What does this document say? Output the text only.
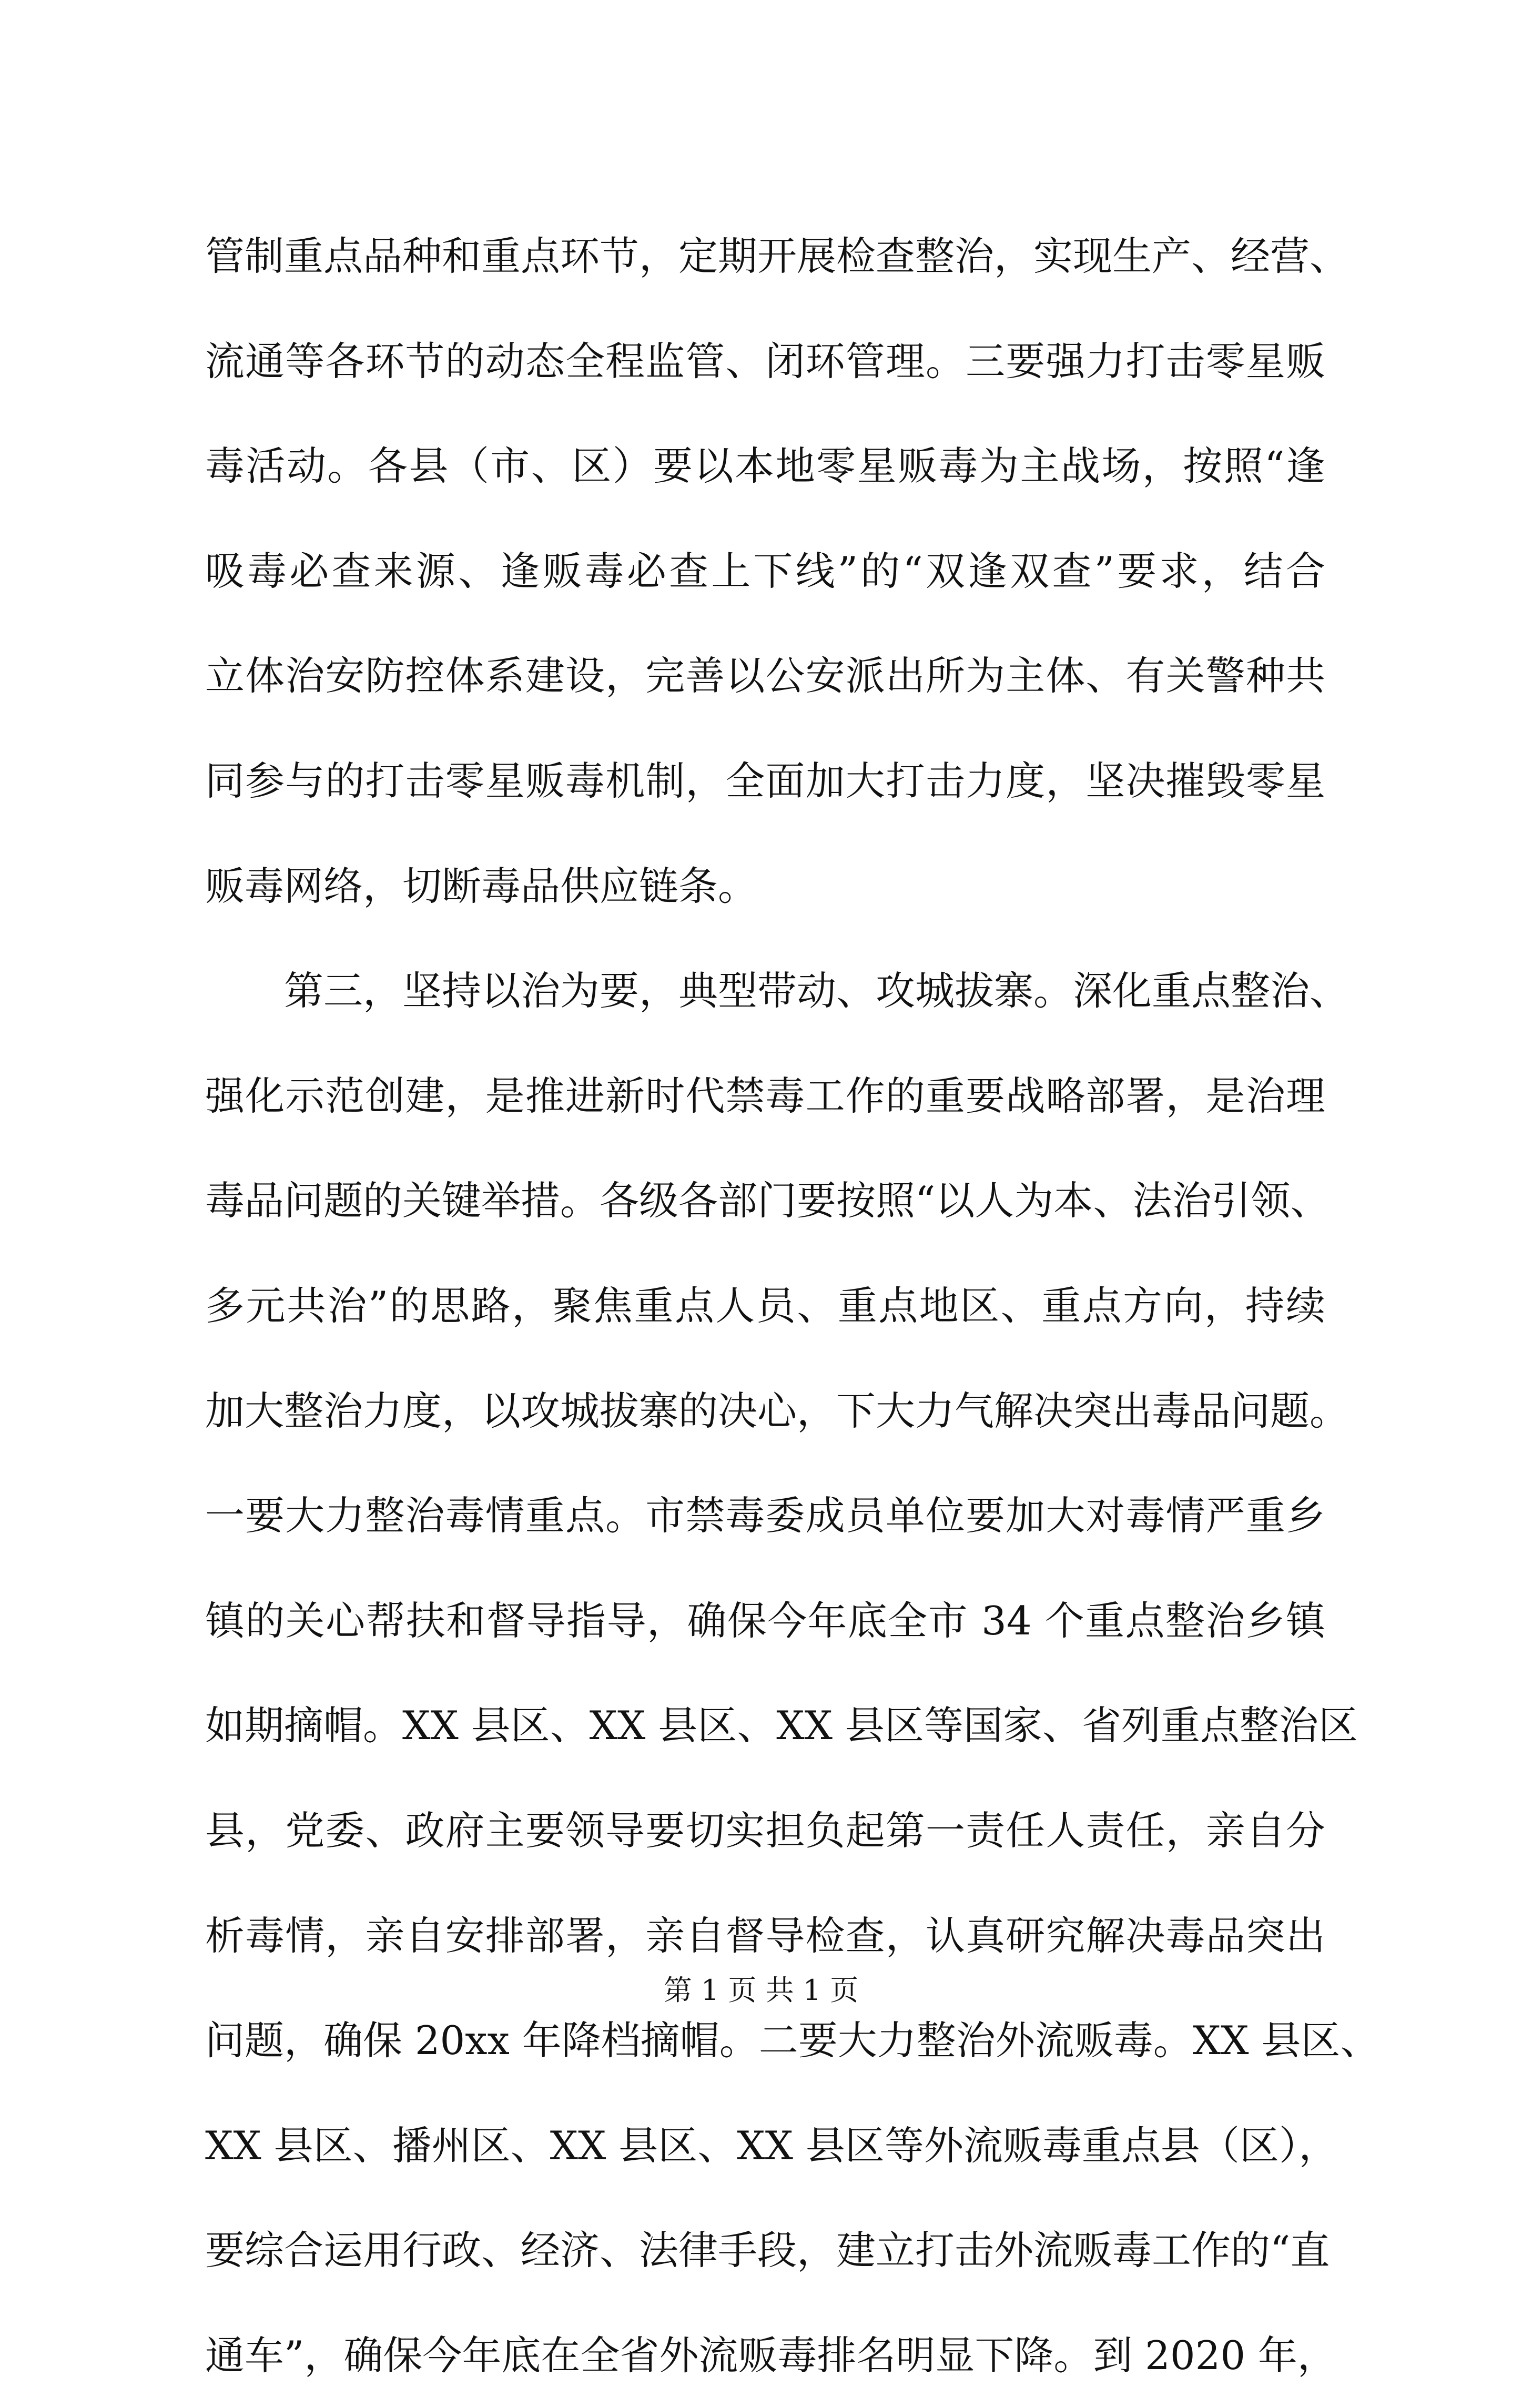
管制重点品种和重点环节，定期开展检查整治，实现生产、经营、
流通等各环节的动态全程监管、闭环管理。三要强力打击零星贩
毒活动。各县（市、区）要以本地零星贩毒为主战场，按照“逢
吸毒必查来源、逢贩毒必查上下线”的“双逢双查”要求，结合
立体治安防控体系建设，完善以公安派出所为主体、有关警种共
同参与的打击零星贩毒机制，全面加大打击力度，坚决摧毁零星
贩毒网络，切断毒品供应链条。
第三，坚持以治为要，典型带动、攻城拔寨。深化重点整治、
强化示范创建，是推进新时代禁毒工作的重要战略部署，是治理
毒品问题的关键举措。各级各部门要按照“以人为本、法治引领、
多元共治”的思路，聚焦重点人员、重点地区、重点方向，持续
加大整治力度，以攻城拔寨的决心，下大力气解决突出毒品问题。
一要大力整治毒情重点。市禁毒委成员单位要加大对毒情严重乡
镇的关心帮扶和督导指导，确保今年底全市 34 个重点整治乡镇
如期摘帽。XX 县区、XX 县区、XX 县区等国家、省列重点整治区
县，党委、政府主要领导要切实担负起第一责任人责任，亲自分
析毒情，亲自安排部署，亲自督导检查，认真研究解决毒品突出
问题，确保 20xx 年降档摘帽。二要大力整治外流贩毒。XX 县区、
XX 县区、播州区、XX 县区、XX 县区等外流贩毒重点县（区），
要综合运用行政、经济、法律手段，建立打击外流贩毒工作的“直
通车”，确保今年底在全省外流贩毒排名明显下降。到 2020 年，
第 1 页 共 1 页
